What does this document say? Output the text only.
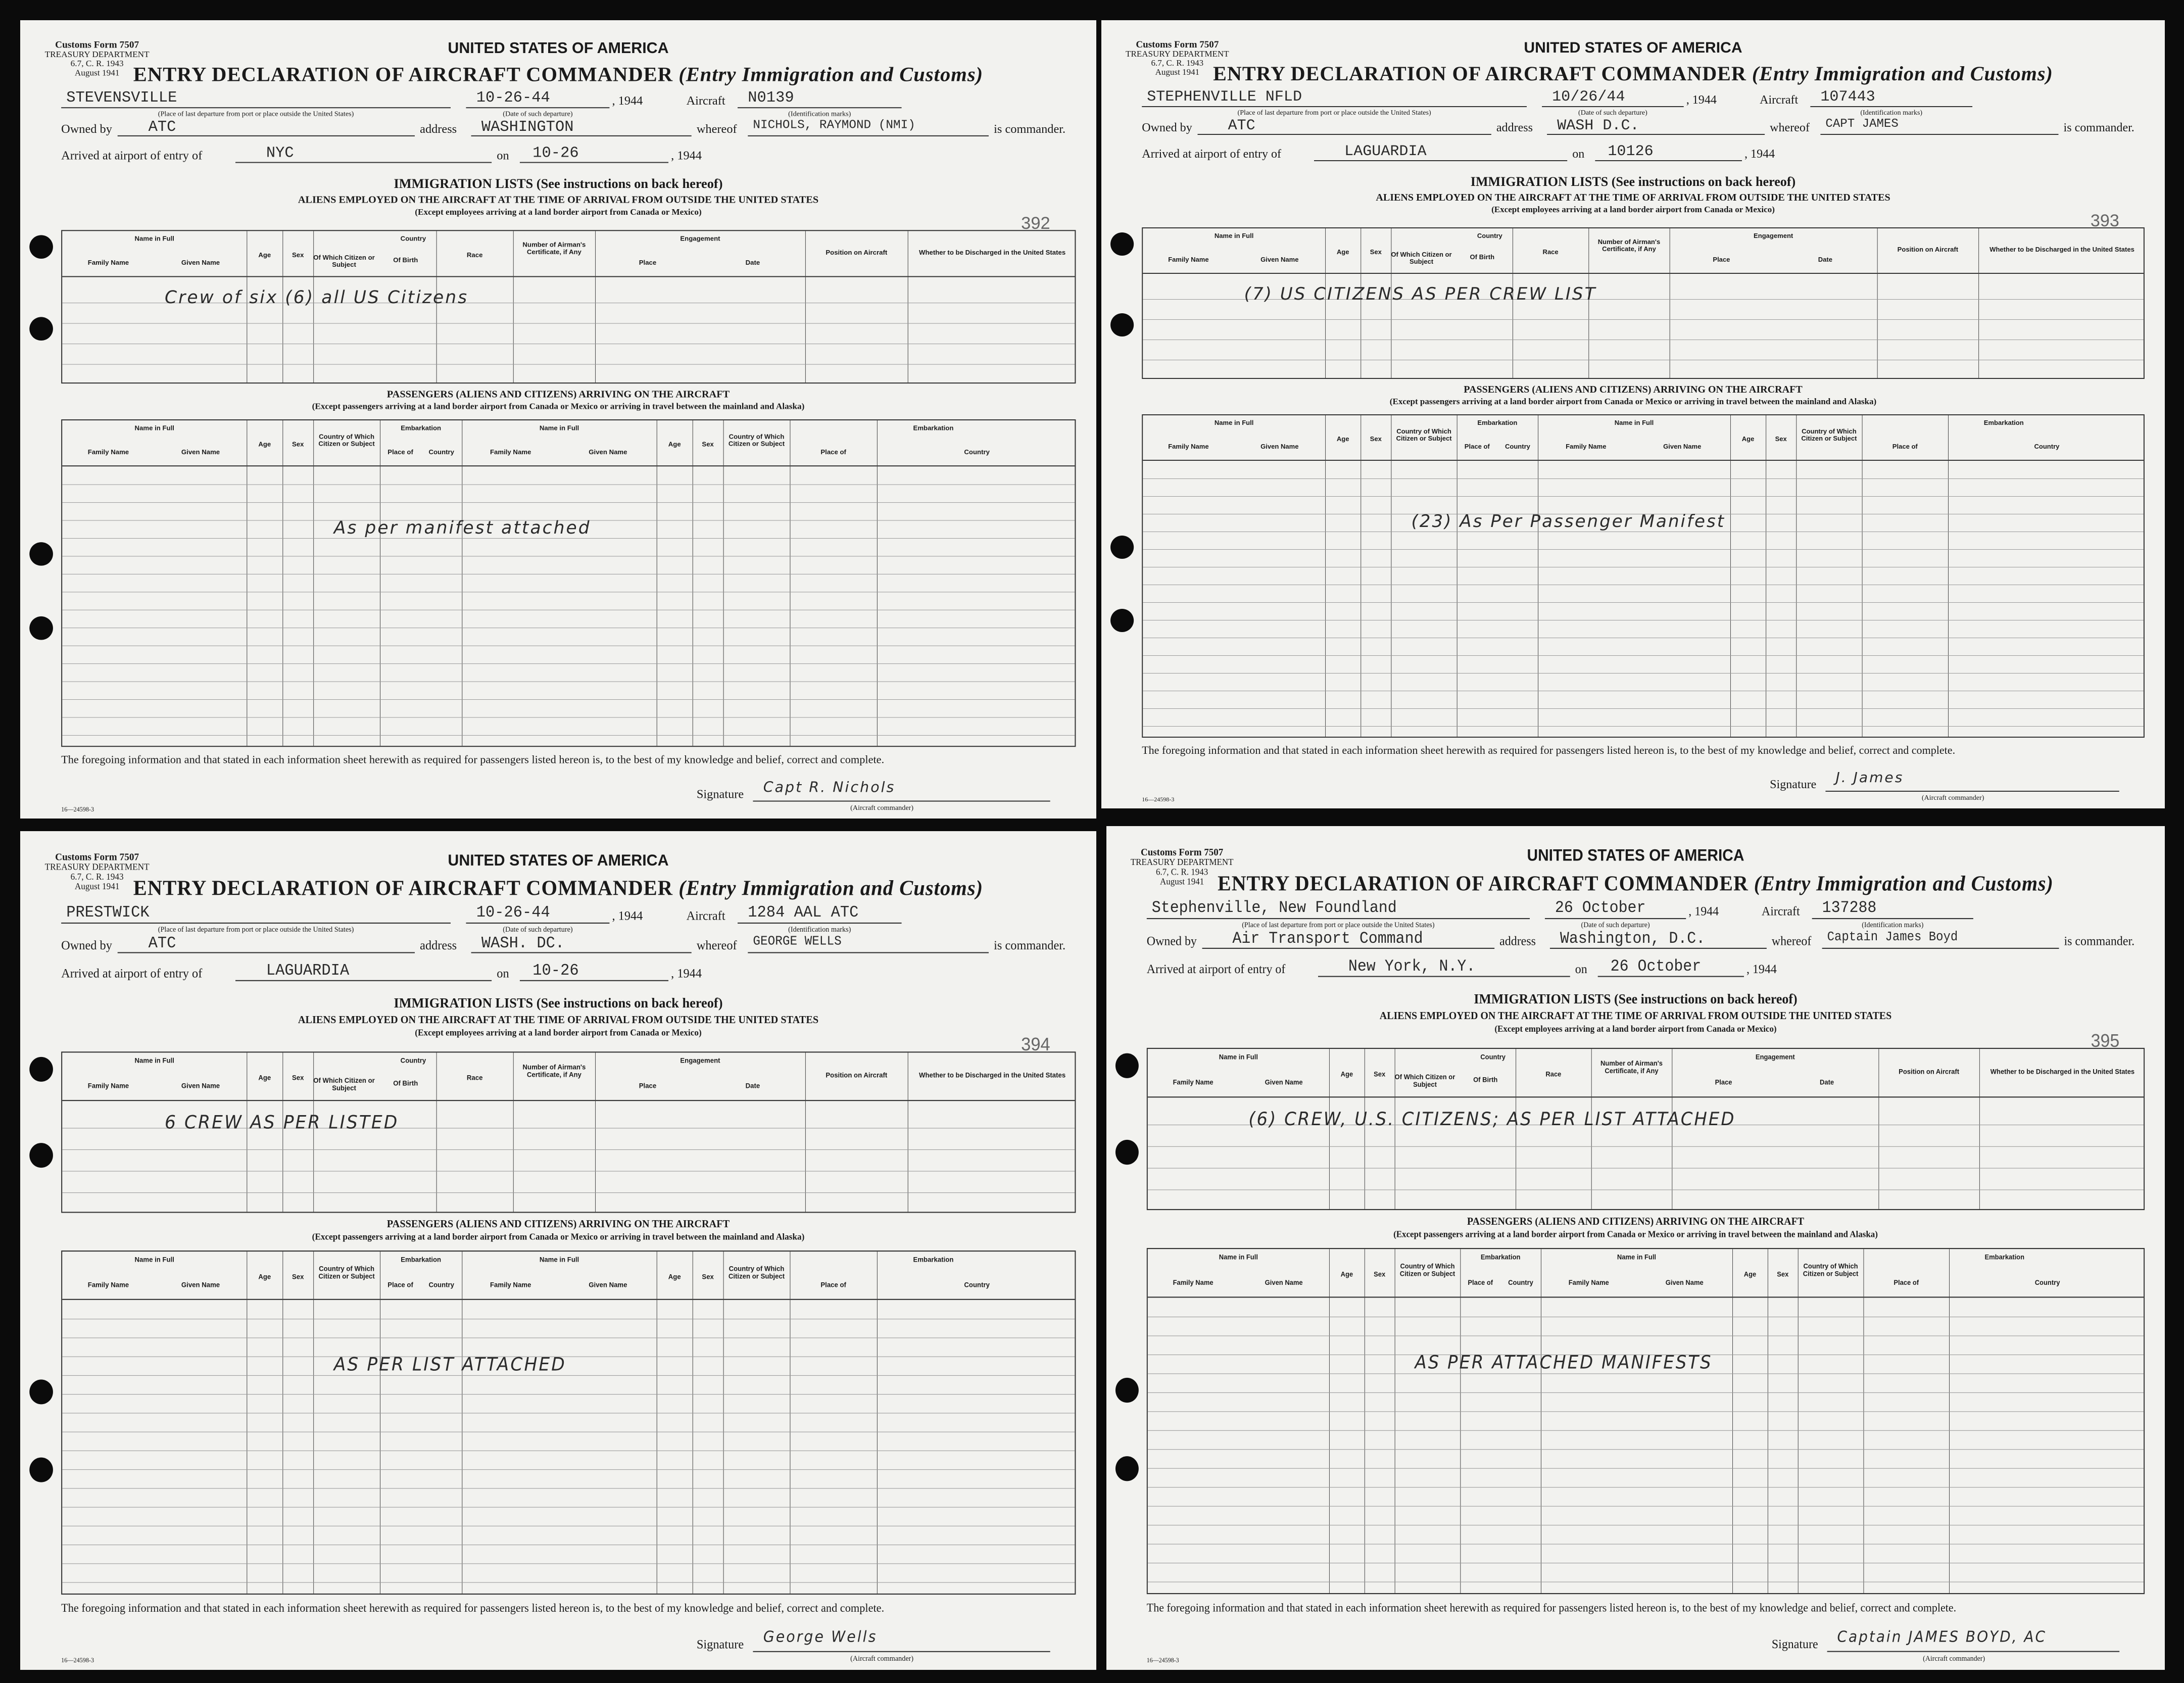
Customs Form 7507
TREASURY DEPARTMENT
6.7, C. R. 1943
August 1941
UNITED STATES OF AMERICA
ENTRY DECLARATION OF AIRCRAFT COMMANDER (Entry Immigration and Customs)
STEVENSVILLE	10-26-44	, 1944	Aircraft N0139
(Place of last departure from port or place outside the United States)	(Date of such departure)	(Identification marks)
Owned by ATC	address WASHINGTON	whereof NICHOLS, RAYMOND (NMI)	is commander.
Arrived at airport of entry of	NYC	on 10-26	, 1944
IMMIGRATION LISTS (See instructions on back hereof)
ALIENS EMPLOYED ON THE AIRCRAFT AT THE TIME OF ARRIVAL FROM OUTSIDE THE UNITED STATES
(Except employees arriving at a land border airport from Canada or Mexico)
392
Name in Full
Family Name	Given Name
Age	Sex
Country
Of Which Citizen or Subject
Of Birth
Race
Number of Airman's Certificate, if Any
Engagement
Place	Date
Position on Aircraft	Whether to be Discharged in the United States
Crew of six (6) all US Citizens
PASSENGERS (ALIENS AND CITIZENS) ARRIVING ON THE AIRCRAFT
(Except passengers arriving at a land border airport from Canada or Mexico or arriving in travel between the mainland and Alaska)
Name in Full
Family Name	Given Name
Age	Sex
Country of Which Citizen or Subject
Embarkation
Place of	Country
Name in Full
Family Name	Given Name
Age	Sex
Country of Which Citizen or Subject
Embarkation
Place of	Country
As per manifest attached
The foregoing information and that stated in each information sheet herewith as required for passengers listed hereon is, to the best of my knowledge and belief, correct and complete.
Signature Capt R. Nichols
(Aircraft commander)
16—24598-3
Customs Form 7507
TREASURY DEPARTMENT
6.7, C. R. 1943
August 1941
UNITED STATES OF AMERICA
ENTRY DECLARATION OF AIRCRAFT COMMANDER (Entry Immigration and Customs)
STEPHENVILLE NFLD	10/26/44	, 1944	Aircraft 107443
(Place of last departure from port or place outside the United States)	(Date of such departure)	(Identification marks)
Owned by ATC	address WASH D.C.	whereof CAPT JAMES	is commander.
Arrived at airport of entry of	LAGUARDIA	on 10126	, 1944
IMMIGRATION LISTS (See instructions on back hereof)
ALIENS EMPLOYED ON THE AIRCRAFT AT THE TIME OF ARRIVAL FROM OUTSIDE THE UNITED STATES
(Except employees arriving at a land border airport from Canada or Mexico)
393
Name in Full
Family Name	Given Name
Age	Sex
Country
Of Which Citizen or Subject
Of Birth
Race
Number of Airman's Certificate, if Any
Engagement
Place	Date
Position on Aircraft	Whether to be Discharged in the United States
(7) US CITIZENS AS PER CREW LIST
PASSENGERS (ALIENS AND CITIZENS) ARRIVING ON THE AIRCRAFT
(Except passengers arriving at a land border airport from Canada or Mexico or arriving in travel between the mainland and Alaska)
Name in Full
Family Name	Given Name
Age	Sex
Country of Which Citizen or Subject
Embarkation
Place of	Country
Name in Full
Family Name	Given Name
Age	Sex
Country of Which Citizen or Subject
Embarkation
Place of	Country
(23) As Per Passenger Manifest
The foregoing information and that stated in each information sheet herewith as required for passengers listed hereon is, to the best of my knowledge and belief, correct and complete.
Signature J. James
(Aircraft commander)
16—24598-3
Customs Form 7507
TREASURY DEPARTMENT
6.7, C. R. 1943
August 1941
UNITED STATES OF AMERICA
ENTRY DECLARATION OF AIRCRAFT COMMANDER (Entry Immigration and Customs)
PRESTWICK	10-26-44	, 1944	Aircraft 1284 AAL ATC
(Place of last departure from port or place outside the United States)	(Date of such departure)	(Identification marks)
Owned by ATC	address WASH. DC.	whereof GEORGE WELLS	is commander.
Arrived at airport of entry of	LAGUARDIA	on 10-26	, 1944
IMMIGRATION LISTS (See instructions on back hereof)
ALIENS EMPLOYED ON THE AIRCRAFT AT THE TIME OF ARRIVAL FROM OUTSIDE THE UNITED STATES
(Except employees arriving at a land border airport from Canada or Mexico)
394
Name in Full
Family Name	Given Name
Age	Sex
Country
Of Which Citizen or Subject
Of Birth
Race
Number of Airman's Certificate, if Any
Engagement
Place	Date
Position on Aircraft	Whether to be Discharged in the United States
6 CREW AS PER LISTED
PASSENGERS (ALIENS AND CITIZENS) ARRIVING ON THE AIRCRAFT
(Except passengers arriving at a land border airport from Canada or Mexico or arriving in travel between the mainland and Alaska)
Name in Full
Family Name	Given Name
Age	Sex
Country of Which Citizen or Subject
Embarkation
Place of	Country
Name in Full
Family Name	Given Name
Age	Sex
Country of Which Citizen or Subject
Embarkation
Place of	Country
AS PER LIST ATTACHED
The foregoing information and that stated in each information sheet herewith as required for passengers listed hereon is, to the best of my knowledge and belief, correct and complete.
Signature George Wells
(Aircraft commander)
16—24598-3
Customs Form 7507
TREASURY DEPARTMENT
6.7, C. R. 1943
August 1941
UNITED STATES OF AMERICA
ENTRY DECLARATION OF AIRCRAFT COMMANDER (Entry Immigration and Customs)
Stephenville, New Foundland	26 October	, 1944	Aircraft 137288
(Place of last departure from port or place outside the United States)	(Date of such departure)	(Identification marks)
Owned by Air Transport Command	address Washington, D.C.	whereof Captain James Boyd	is commander.
Arrived at airport of entry of	New York, N.Y.	on 26 October	, 1944
IMMIGRATION LISTS (See instructions on back hereof)
ALIENS EMPLOYED ON THE AIRCRAFT AT THE TIME OF ARRIVAL FROM OUTSIDE THE UNITED STATES
(Except employees arriving at a land border airport from Canada or Mexico)
395
Name in Full
Family Name	Given Name
Age	Sex
Country
Of Which Citizen or Subject
Of Birth
Race
Number of Airman's Certificate, if Any
Engagement
Place	Date
Position on Aircraft	Whether to be Discharged in the United States
(6) CREW, U.S. CITIZENS; AS PER LIST ATTACHED
PASSENGERS (ALIENS AND CITIZENS) ARRIVING ON THE AIRCRAFT
(Except passengers arriving at a land border airport from Canada or Mexico or arriving in travel between the mainland and Alaska)
Name in Full
Family Name	Given Name
Age	Sex
Country of Which Citizen or Subject
Embarkation
Place of	Country
Name in Full
Family Name	Given Name
Age	Sex
Country of Which Citizen or Subject
Embarkation
Place of	Country
AS PER ATTACHED MANIFESTS
The foregoing information and that stated in each information sheet herewith as required for passengers listed hereon is, to the best of my knowledge and belief, correct and complete.
Signature Captain JAMES BOYD, AC
(Aircraft commander)
16—24598-3
